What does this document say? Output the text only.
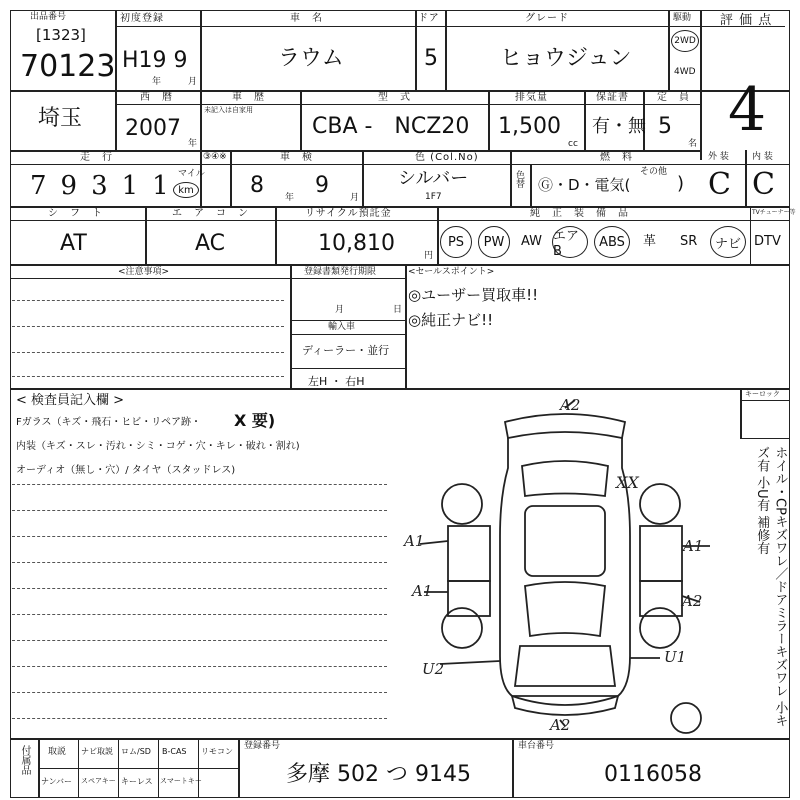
出品番号
[1323]
70123
初度登録
H19 9
年	月
車　名
ラウム
ドア
5
グレード
ヒョウジュン
駆動
2WD
4WD
評 価 点
4
埼玉
西　暦
2007
年
車　歴
未記入は自家用
型　式
CBA -　NCZ20
排気量
1,500
cc
保証書
有・無
定　員
5
名
走　行
79311
マイル
km
③④※	車　検
8 年 9 月
色 (Col.No)
シルバー
1F7
色替
燃　料
Ⓖ・D・電気(
その他
)
外 装	内 装
C C
シ　フ　ト
AT
エ　ア　コ　ン
AC
リサイクル預託金
10,810	円
純　正　装　備　品	TVチューナー等
PS PW AW エアB
ABS 革 SR ナビ DTV
<注意事項>	登録書類発行期限
月	日
輸入車
ディーラー・並行
左H ・ 右H
<セールスポイント>
◎ユーザー買取車!!
◎純正ナビ!!
< 検査員記入欄 >
Fガラス（キズ・飛石・ヒビ・リペア跡・ X 要)
内装（キズ・スレ・汚れ・シミ・コゲ・穴・キレ・破れ・割れ)
オーディオ（無し・穴）/ タイヤ（スタッドレス)
キーロック
ホイル・CPキズワレ／ドアミラーキズワレ 小キズ有 小U有 補修有
A2
XX
A1
A1
A1
A2
U2
U1
A2
付属品 取説 ナビ取説 ロム/SD B-CAS リモコン
ナンバー スペアキー キーレス スマートキー
登録番号
多摩 502 つ 9145
車台番号
0116058
